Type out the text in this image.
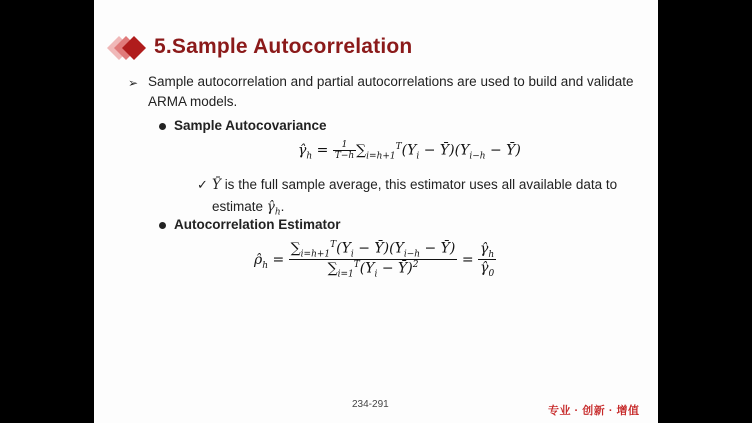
5.Sample Autocorrelation
➢ Sample autocorrelation and partial autocorrelations are used to build and validate ARMA models.
Sample Autocovariance
$\gammâ_h = \frac{1}{T-h} \sum_{i=h+1}^T(Y_i$ − $Ȳ)(Y_{i-h}$ − Ȳ)
✓ Ȳ is the full sample average, this estimator uses all available data to estimate $\gammâ_h$.
Autocorrelation Estimator
$\rhô_h = \frac{\sum_{i=h+1}^T(Y_i - Ȳ)(Y_{i-h} - Ȳ)}{\sum_{i=1}^T(Y_i - Ȳ)^2} = \frac{\gammâ_h}{\gammâ_0}$
234-291
专业 · 创新 · 增值
